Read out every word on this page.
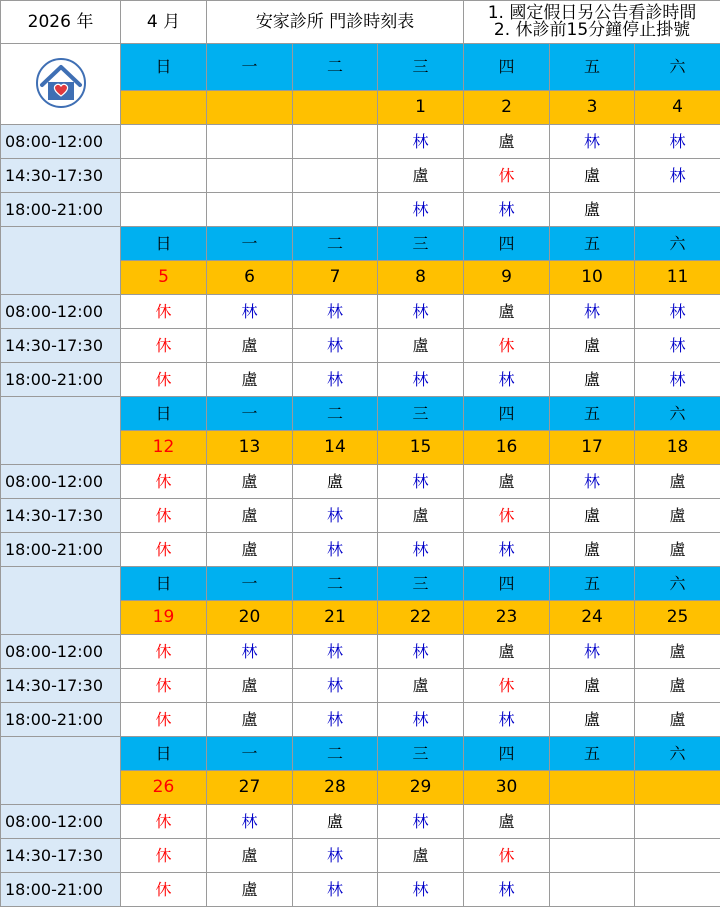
2026 年	4 月	安家診所 門診時刻表			1. 國定假日另公告看診時間
2. 休診前15分鐘停止掛號		

	日	一	二	三	四	五	六
				1	2	3	4
08:00-12:00				林	盧	林	林
14:30-17:30				盧	休	盧	林
18:00-21:00				林	林	盧	
	日	一	二	三	四	五	六
	5	6	7	8	9	10	11
08:00-12:00	休	林	林	林	盧	林	林
14:30-17:30	休	盧	林	盧	休	盧	林
18:00-21:00	休	盧	林	林	林	盧	林
	日	一	二	三	四	五	六
	12	13	14	15	16	17	18
08:00-12:00	休	盧	盧	林	盧	林	盧
14:30-17:30	休	盧	林	盧	休	盧	盧
18:00-21:00	休	盧	林	林	林	盧	盧
	日	一	二	三	四	五	六
	19	20	21	22	23	24	25
08:00-12:00	休	林	林	林	盧	林	盧
14:30-17:30	休	盧	林	盧	休	盧	盧
18:00-21:00	休	盧	林	林	林	盧	盧
	日	一	二	三	四	五	六
	26	27	28	29	30		
08:00-12:00	休	林	盧	林	盧		
14:30-17:30	休	盧	林	盧	休		
18:00-21:00	休	盧	林	林	林		
